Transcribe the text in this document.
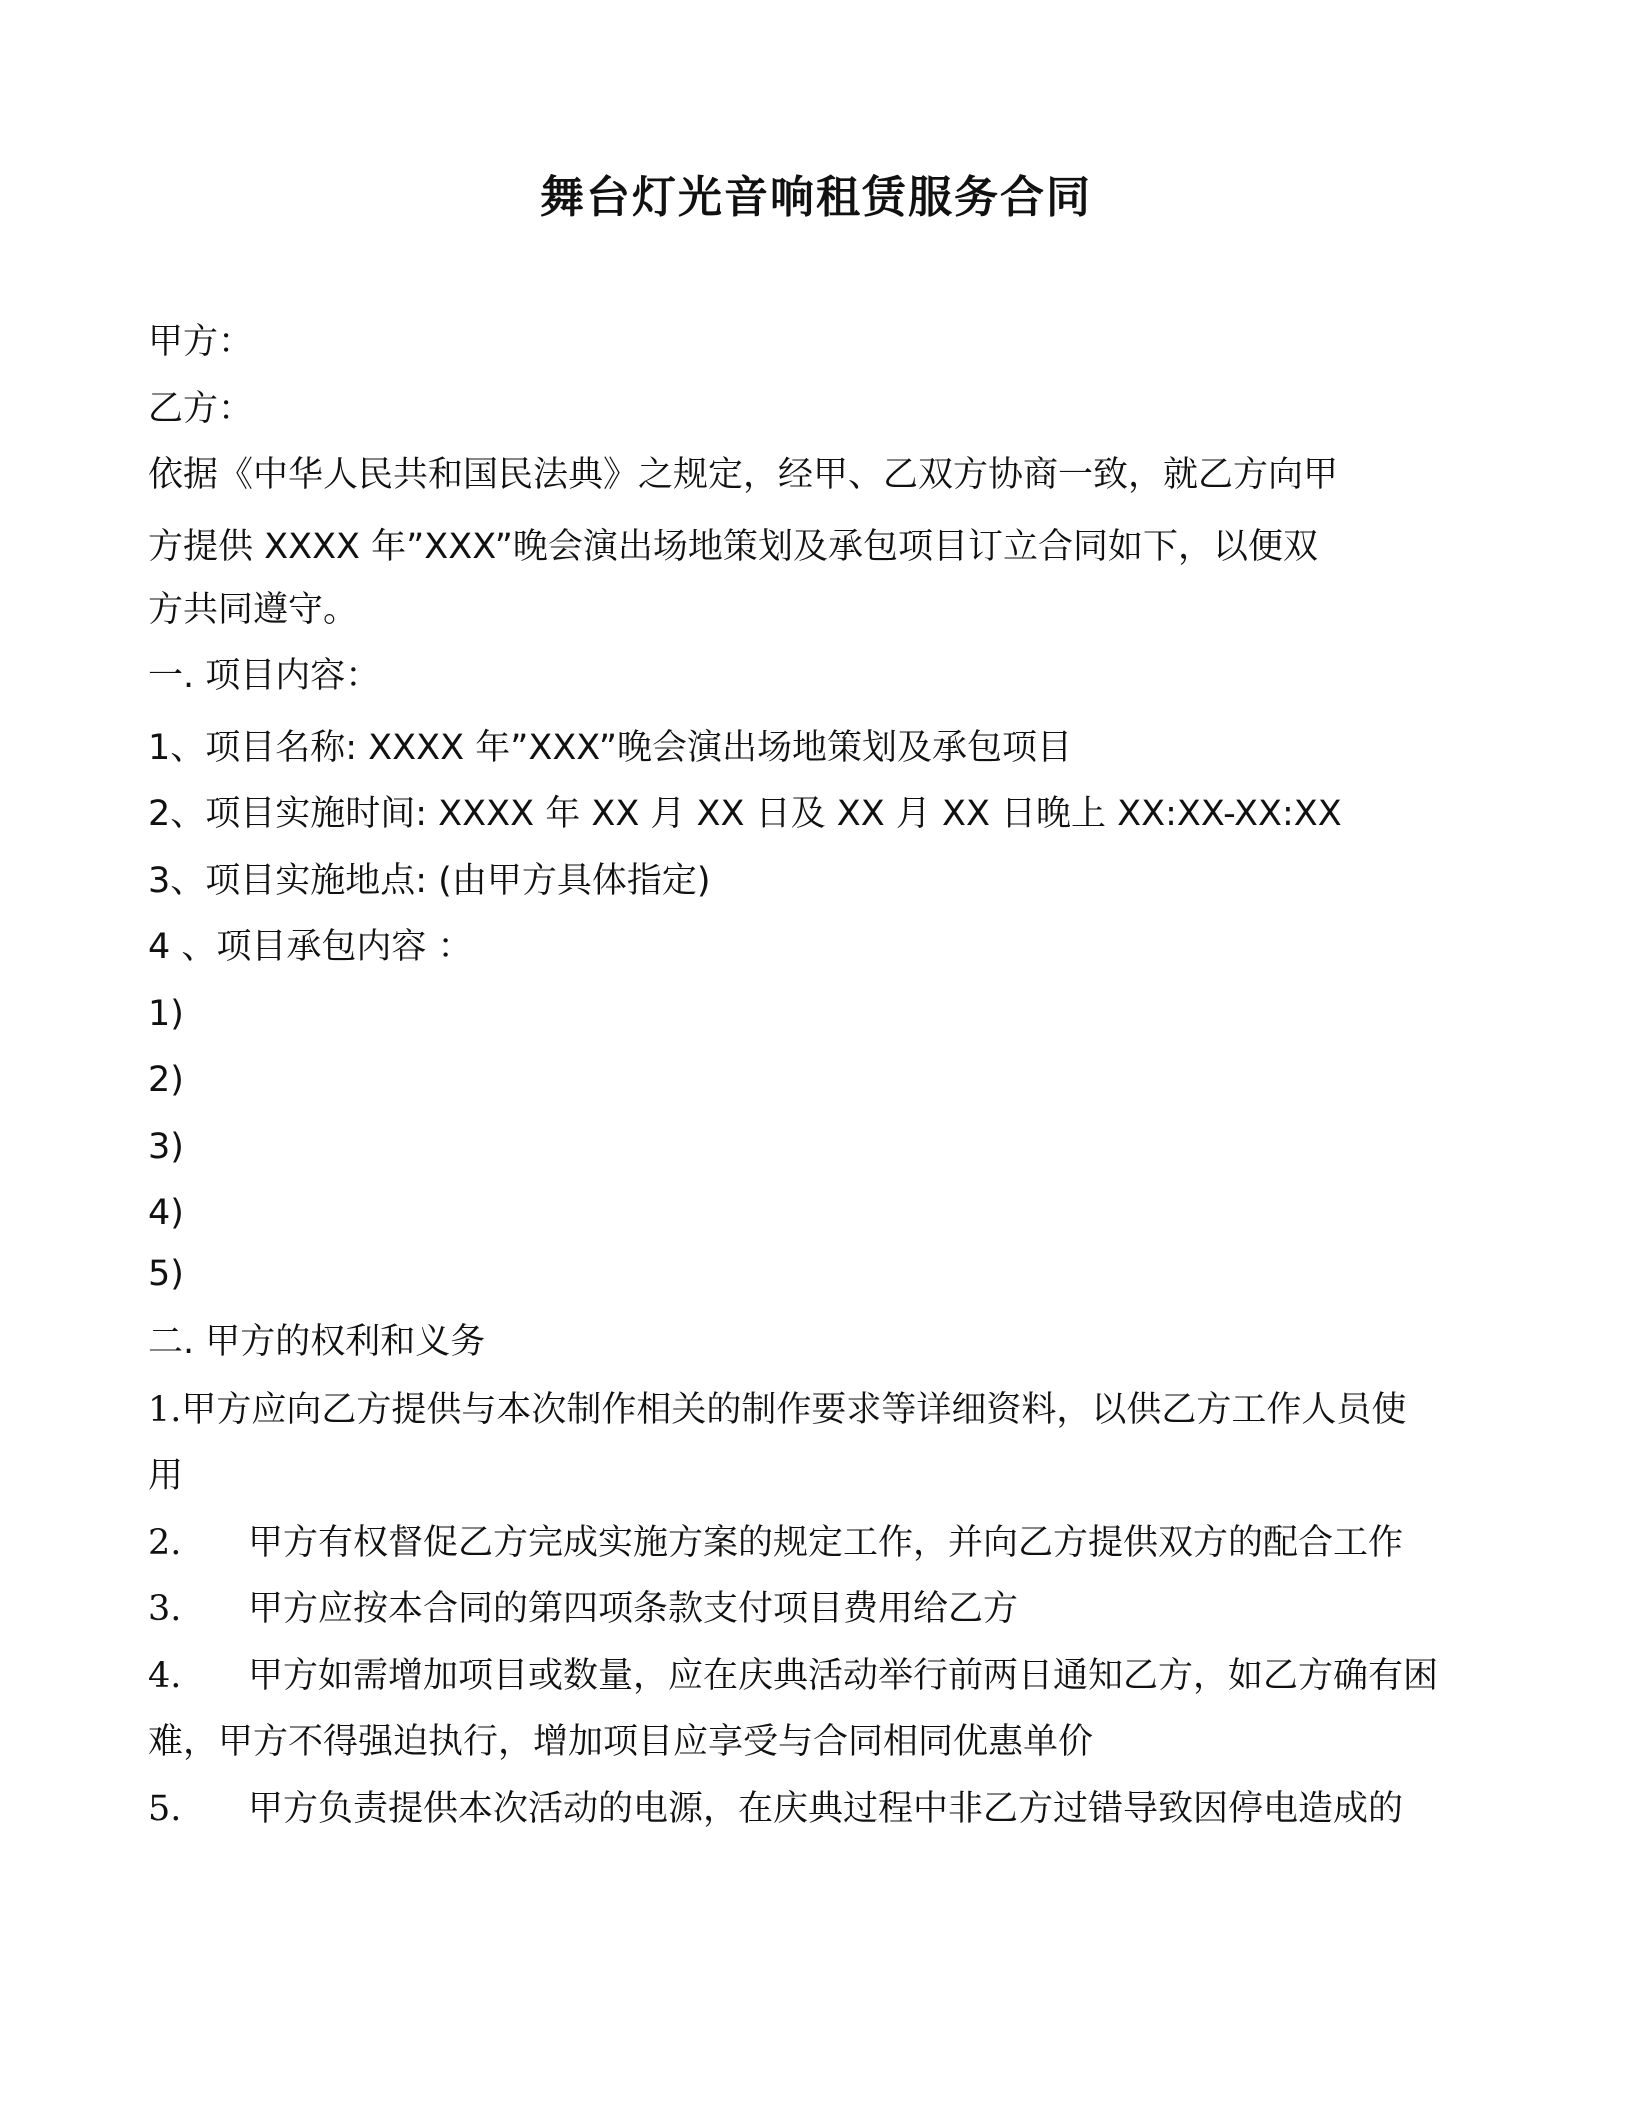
舞台灯光音响租赁服务合同
甲方：
乙方：
依据《中华人民共和国民法典》之规定，经甲、乙双方协商一致，就乙方向甲
方提供 XXXX 年”XXX”晚会演出场地策划及承包项目订立合同如下，以便双
方共同遵守。
一. 项目内容：
1、项目名称: XXXX 年”XXX”晚会演出场地策划及承包项目
2、项目实施时间: XXXX 年 XX 月 XX 日及 XX 月 XX 日晚上 XX:XX-XX:XX
3、项目实施地点: (由甲方具体指定)
4 、项目承包内容 ：
1)
2)
3)
4)
5)
二. 甲方的权利和义务
1.甲方应向乙方提供与本次制作相关的制作要求等详细资料，以供乙方工作人员使
用
2. 甲方有权督促乙方完成实施方案的规定工作，并向乙方提供双方的配合工作
3. 甲方应按本合同的第四项条款支付项目费用给乙方
4. 甲方如需增加项目或数量，应在庆典活动举行前两日通知乙方，如乙方确有困
难，甲方不得强迫执行，增加项目应享受与合同相同优惠单价
5. 甲方负责提供本次活动的电源，在庆典过程中非乙方过错导致因停电造成的
